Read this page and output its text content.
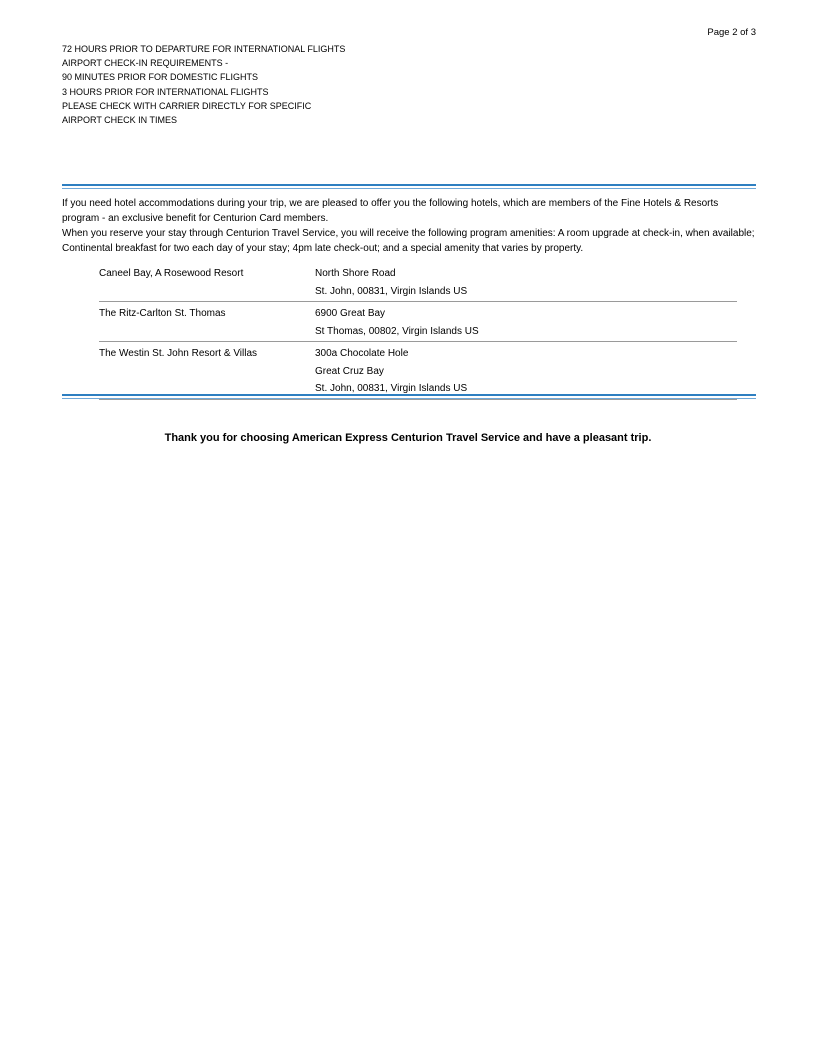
Page 2 of 3
72 HOURS PRIOR TO DEPARTURE FOR INTERNATIONAL FLIGHTS
AIRPORT CHECK-IN REQUIREMENTS -
90 MINUTES PRIOR FOR DOMESTIC FLIGHTS
3 HOURS PRIOR FOR INTERNATIONAL FLIGHTS
PLEASE CHECK WITH CARRIER DIRECTLY FOR SPECIFIC
AIRPORT CHECK IN TIMES
If you need hotel accommodations during your trip, we are pleased to offer you the following hotels, which are members of the Fine Hotels & Resorts program - an exclusive benefit for Centurion Card members.
When you reserve your stay through Centurion Travel Service, you will receive the following program amenities: A room upgrade at check-in, when available; Continental breakfast for two each day of your stay; 4pm late check-out; and a special amenity that varies by property.
Caneel Bay, A Rosewood Resort	North Shore Road
St. John, 00831, Virgin Islands US
The Ritz-Carlton St. Thomas	6900 Great Bay
St Thomas, 00802, Virgin Islands US
The Westin St. John Resort & Villas	300a Chocolate Hole
Great Cruz Bay
St. John, 00831, Virgin Islands US
Thank you for choosing American Express Centurion Travel Service and have a pleasant trip.
